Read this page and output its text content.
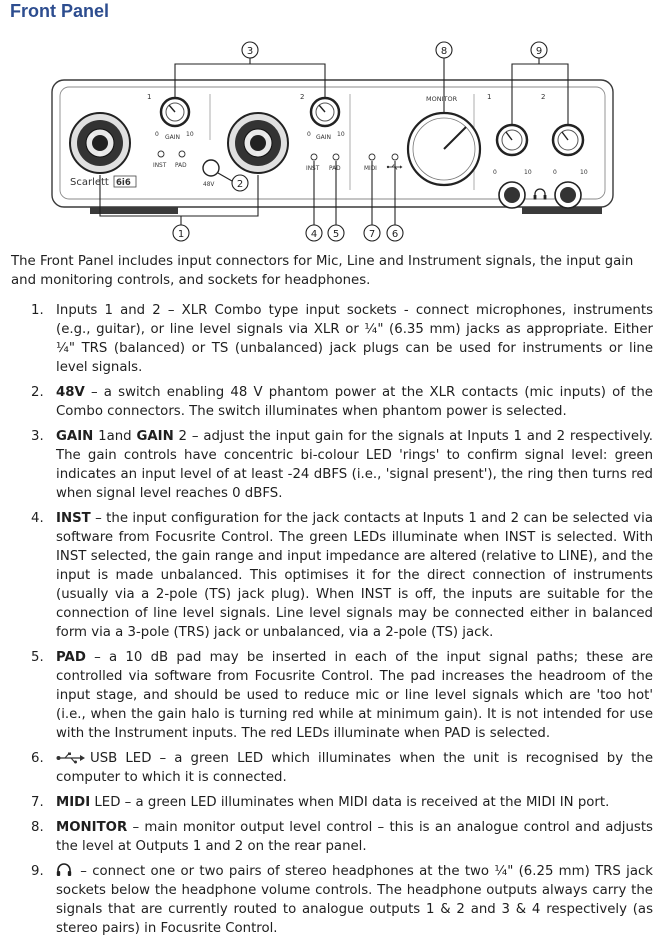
Front Panel
1
0 GAIN 10
2
0 GAIN 10
INST PAD
48V
INST PAD	MIDI
MONITOR	1
0	10
2
0	10
Scarlett 6i6
3	8	9
2
1	4 5	7 6

The Front Panel includes input connectors for Mic, Line and Instrument signals, the input gain and monitoring controls, and sockets for headphones.

1. Inputs 1 and 2 – XLR Combo type input sockets - connect microphones, instruments (e.g., guitar), or line level signals via XLR or ¼" (6.35 mm) jacks as appropriate. Either ¼" TRS (balanced) or TS (unbalanced) jack plugs can be used for instruments or line level signals.
2. 48V – a switch enabling 48 V phantom power at the XLR contacts (mic inputs) of the Combo connectors. The switch illuminates when phantom power is selected.
3. GAIN 1and GAIN 2 – adjust the input gain for the signals at Inputs 1 and 2 respectively. The gain controls have concentric bi-colour LED 'rings' to confirm signal level: green indicates an input level of at least -24 dBFS (i.e., 'signal present'), the ring then turns red when signal level reaches 0 dBFS.
4. INST – the input configuration for the jack contacts at Inputs 1 and 2 can be selected via software from Focusrite Control. The green LEDs illuminate when INST is selected. With INST selected, the gain range and input impedance are altered (relative to LINE), and the input is made unbalanced. This optimises it for the direct connection of instruments (usually via a 2-pole (TS) jack plug). When INST is off, the inputs are suitable for the connection of line level signals. Line level signals may be connected either in balanced form via a 3-pole (TRS) jack or unbalanced, via a 2-pole (TS) jack.
5. PAD – a 10 dB pad may be inserted in each of the input signal paths; these are controlled via software from Focusrite Control. The pad increases the headroom of the input stage, and should be used to reduce mic or line level signals which are 'too hot' (i.e., when the gain halo is turning red while at minimum gain). It is not intended for use with the Instrument inputs. The red LEDs illuminate when PAD is selected.
6.	USB LED – a green LED which illuminates when the unit is recognised by the computer to which it is connected.
7. MIDI LED – a green LED illuminates when MIDI data is received at the MIDI IN port.
8. MONITOR – main monitor output level control – this is an analogue control and adjusts the level at Outputs 1 and 2 on the rear panel.
9. – connect one or two pairs of stereo headphones at the two ¼" (6.25 mm) TRS jack sockets below the headphone volume controls. The headphone outputs always carry the signals that are currently routed to analogue outputs 1 & 2 and 3 & 4 respectively (as stereo pairs) in Focusrite Control.
